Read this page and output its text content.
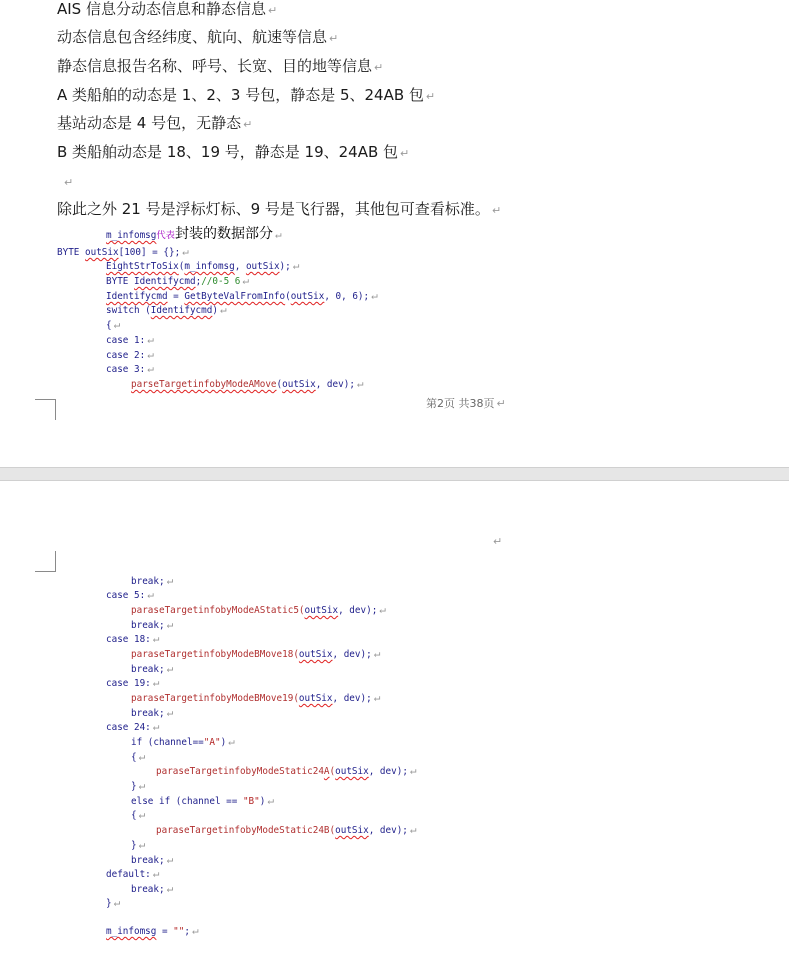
AIS 信息分动态信息和静态信息 ↵
动态信息包含经纬度、航向、航速等信息 ↵
静态信息报告名称、呼号、长宽、目的地等信息 ↵
A 类船舶的动态是 1、2、3 号包，静态是 5、24AB 包 ↵
基站动态是 4 号包，无静态 ↵
B 类船舶动态是 18、19 号，静态是 19、24AB 包 ↵
↵
除此之外 21 号是浮标灯标、9 号是飞行器，其他包可查看标准。 ↵
m_infomsg代表封装的数据部分 ↵
BYTE outSix[100] = {}; ↵
EightStrToSix(m_infomsg, outSix); ↵
BYTE Identifycmd;//0-5 6 ↵
Identifycmd = GetByteValFromInfo(outSix, 0, 6); ↵
switch (Identifycmd) ↵
{ ↵
case 1: ↵
case 2: ↵
case 3: ↵
parseTargetinfobyModeAMove(outSix, dev); ↵
第2页 共38页 ↵
↵
break; ↵
case 5: ↵
paraseTargetinfobyModeAStatic5(outSix, dev); ↵
break; ↵
case 18: ↵
paraseTargetinfobyModeBMove18(outSix, dev); ↵
break; ↵
case 19: ↵
paraseTargetinfobyModeBMove19(outSix, dev); ↵
break; ↵
case 24: ↵
if (channel=="A") ↵
{ ↵
paraseTargetinfobyModeStatic24A(outSix, dev); ↵
} ↵
else if (channel == "B") ↵
{ ↵
paraseTargetinfobyModeStatic24B(outSix, dev); ↵
} ↵
break; ↵
default: ↵
break; ↵
} ↵
m_infomsg = ""; ↵
